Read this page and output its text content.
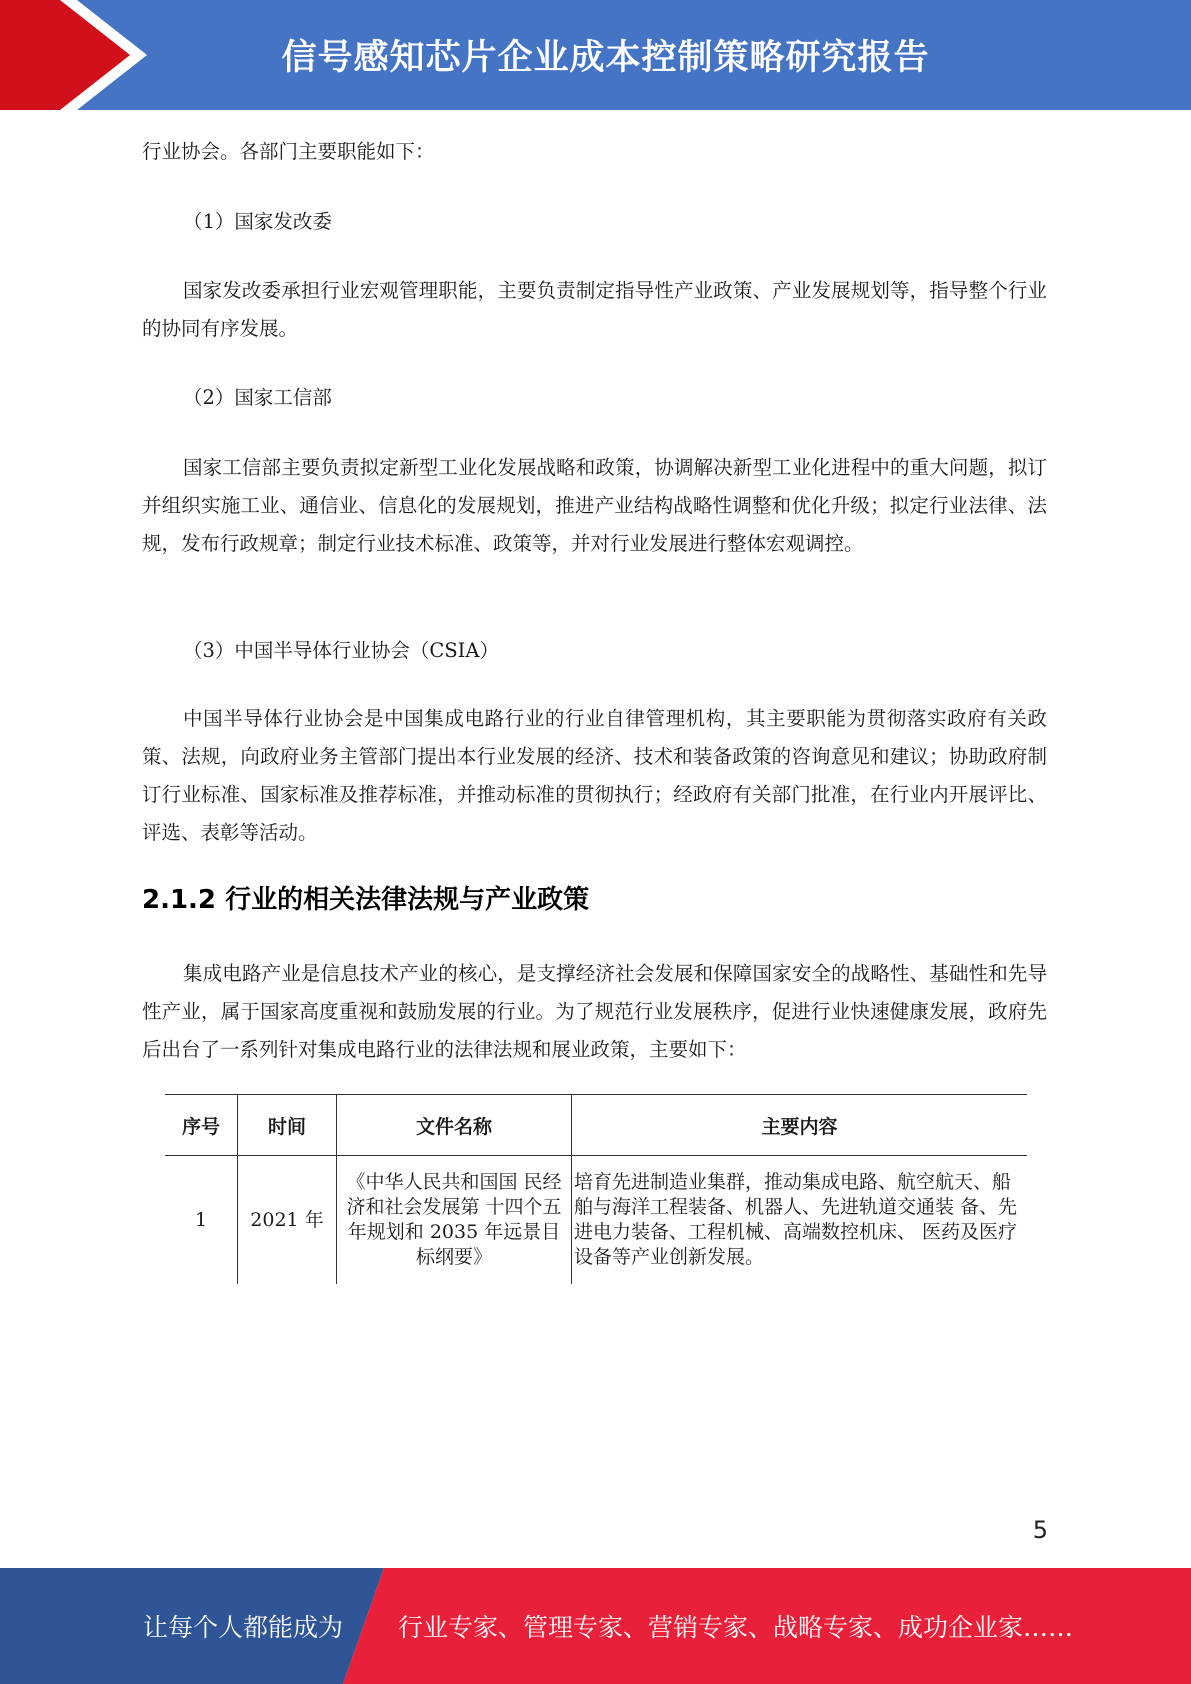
信号感知芯片企业成本控制策略研究报告

行业协会。各部门主要职能如下：

（1）国家发改委

国家发改委承担行业宏观管理职能，主要负责制定指导性产业政策、产业发展规划等，指导整个行业的协同有序发展。

（2）国家工信部

国家工信部主要负责拟定新型工业化发展战略和政策，协调解决新型工业化进程中的重大问题，拟订并组织实施工业、通信业、信息化的发展规划，推进产业结构战略性调整和优化升级；拟定行业法律、法规，发布行政规章；制定行业技术标准、政策等，并对行业发展进行整体宏观调控。

（3）中国半导体行业协会（CSIA）

中国半导体行业协会是中国集成电路行业的行业自律管理机构，其主要职能为贯彻落实政府有关政策、法规，向政府业务主管部门提出本行业发展的经济、技术和装备政策的咨询意见和建议；协助政府制订行业标准、国家标准及推荐标准，并推动标准的贯彻执行；经政府有关部门批准，在行业内开展评比、评选、表彰等活动。

2.1.2 行业的相关法律法规与产业政策

集成电路产业是信息技术产业的核心，是支撑经济社会发展和保障国家安全的战略性、基础性和先导性产业，属于国家高度重视和鼓励发展的行业。为了规范行业发展秩序，促进行业快速健康发展，政府先后出台了一系列针对集成电路行业的法律法规和展业政策，主要如下：

序号	时间	文件名称	主要内容
1	2021 年	《中华人民共和国国 民经济和社会发展第 十四个五年规划和 2035 年远景目标纲要》	培育先进制造业集群，推动集成电路、航空航天、船舶与海洋工程装备、机器人、先进轨道交通装 备、先进电力装备、工程机械、高端数控机床、 医药及医疗设备等产业创新发展。
5
让每个人都能成为 行业专家、管理专家、营销专家、战略专家、成功企业家……
